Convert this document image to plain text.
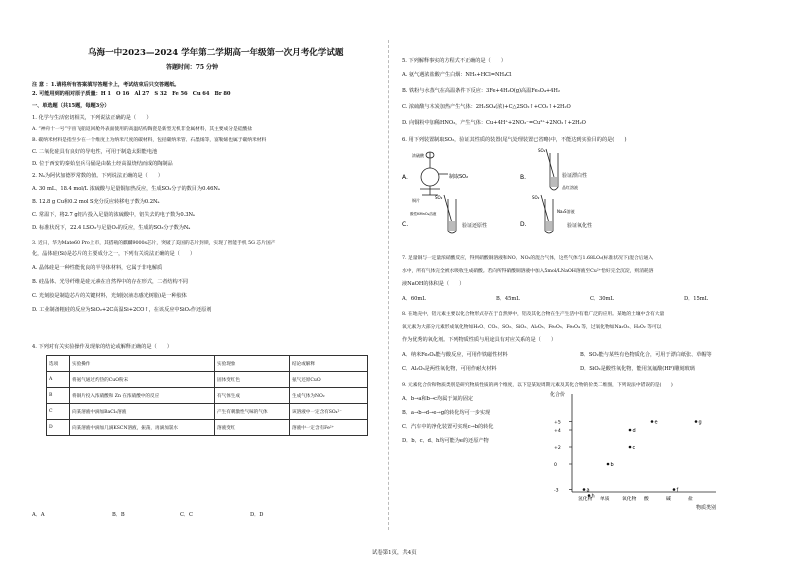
乌海一中2023—2024 学年第二学期高一年级第一次月考化学试题
答题时间：75 分钟
注 意 ：1.请将所有答案填写答题卡上，考试结束后只交答题纸。
2. 可能用到的相对原子质量：H 1　O 16　Al 27　S 32　Fe 56　Cu 64　Br 80
一、单选题（共15题，每题3分）
1. 化学与生活密切相关，下列说法正确的是（　　）
A. “神舟十一号”宇宙飞船返回舱外表面使用的高温结构陶瓷是新型无机非金属材料，其主要成分是硅酸盐
B. 碳纳米材料是指至少在一个维度上为纳米尺度的碳材料，包括碳纳米管、石墨烯等，富勒烯也属于碳纳米材料
C. 二氧化硅具有良好的导电性，可用于制造太阳能电池
D. 位于西安的秦始皇兵马俑是由黏土经高温烧结而成的陶制品
2. Nₐ为阿伏加德罗常数的值。下列说法正确的是（　　）
A. 30 mL、18.4 mol/L 浓硫酸与足量铜加热反应，生成SO₂分子的数目为0.46Nₐ
B. 12.8 g Cu和0.2 mol S充分反应转移电子数为0.2Nₐ
C. 常温下，将2.7 g铝片投入足量的浓硫酸中，铝失去的电子数为0.3Nₐ
D. 标准状况下，22.4 LSO₃与足量O₂的反应，生成的SO₃分子数为Nₐ
3. 近日，华为Mate60 Pro上市，其搭载的麒麟9000s芯片，突破了美国的芯片封锁，实现了智能手机 5G 芯片国产
化，晶体硅(Si)是芯片的主要成分之一，下列有关说法正确的是（　　）
A. 晶体硅是一种性能优良的半导体材料，它属于非电解质
B. 硅晶体、光导纤维是硅元素在自然界中的存在形式，二者结构不同
C. 光刻胶是制造芯片的关键材料，光刻胶(液态感光树脂)是一种胶体
D. 工业制备粗硅的反应为SiO₂+2C高温Si+2CO↑，在该反应中SiO₂作还原剂
4. 下列对有关实验操作及现象的结论或解释正确的是（　　）
选项	实验操作	实验现象	结论或解释
A	将氨气通过灼热的CuO粉末	固体变红色	氨气还原CuO
B	将铜片投入浓硝酸和 Zn 在浓硝酸中的反应	有气体生成	生成气体为NO₂
C	向某溶液中滴加BaCl₂溶液	产生有刺激性气味的气体	该溶液中一定含有SO₄²⁻
D	向某溶液中滴加几滴KSCN溶液，振荡，再滴加氯水	溶液变红	溶液中一定含有Fe²⁺
A．A	B．B	C．C	D．D
5. 下列解释事实的方程式不正确的是（　　）
A. 氨气遇浓盐酸产生白烟：NH₃+HCl=NH₄Cl
B. 铁粉与水蒸气在高温条件下反应：3Fe+4H₂O(g)高温Fe₃O₄+4H₂
C. 浓硫酸与木炭加热产生气体：2H₂SO₄(浓)+C△2SO₂↑+CO₂↑+2H₂O
D. 向铜粉中加稀HNO₃，产生气体：Cu+4H⁺+2NO₃⁻=Cu²⁺+2NO₂↑+2H₂O
6. 用下列装置制取SO₂，验证其性质的装置(尾气处理装置已省略)中，不能达到实验目的的是(　　)
A.
浓硫酸
铜片
制取SO₂	B.
SO₂
品红溶液
验证漂白性
C.
SO₂
酸性KMnO₄溶液
验证还原性	D.
SO₂
Na₂S溶液
验证氧化性
7. 足量铜与一定量浓硝酸反应，得到硝酸铜溶液和NO、NO₂的混合气体，这些气体与1.68LO₂(标准状况下)混合后通入
水中，所有气体完全被水吸收生成硝酸。若向所得硝酸铜溶液中加入5mol/LNaOH溶液至Cu²⁺恰好完全沉淀，则消耗溶
液NaOH的体积是（　　）
A．60mL	B．45mL	C．30mL	D．15mL
8. 在地壳中，铝元素主要以化合物形式存在于自然界中，铝及其化合物在生产生活中有着广泛的应用。某地的土壤中含有大量
氧元素为大部分元素形成氧化物如H₂O、CO₂、SO₂、SiO₂、Al₂O₃、Fe₂O₃、Fe₃O₄ 等，过氧化物如Na₂O₂、H₂O₂ 等可以
作为优秀的氧化剂。下列物质性质与用途具有对应关系的是（　　）
A．纳米Fe₃O₄能与酸反应，可用作铁磁性材料	B．SO₂能与某些有色物质化合，可用于漂白纸张、草帽等
C．Al₂O₃是两性氧化物，可用作耐火材料	D．SiO₂是酸性氧化物，能用氢氟酸(HF)雕刻玻璃
9. 元素化合价和物质类别是研究物质性质的两个维度，以下是某短周期元素及其化合物的价类二维图，下列说法中错误的是(　　)
A．b→a和b→c均属于氮的固定
B．a→b→d→e→g的转化均可一步实现
C．汽车中的净化装置可实现c→b的转化
D．b、c、d、h均可能为e的还原产物
化合价
物质类别
+5
+4
+2
0
-3
氢化物 单质	氧化物 酸	碱	盐
a
h
b
c
d
e
f
g
试卷第1页，共4页
